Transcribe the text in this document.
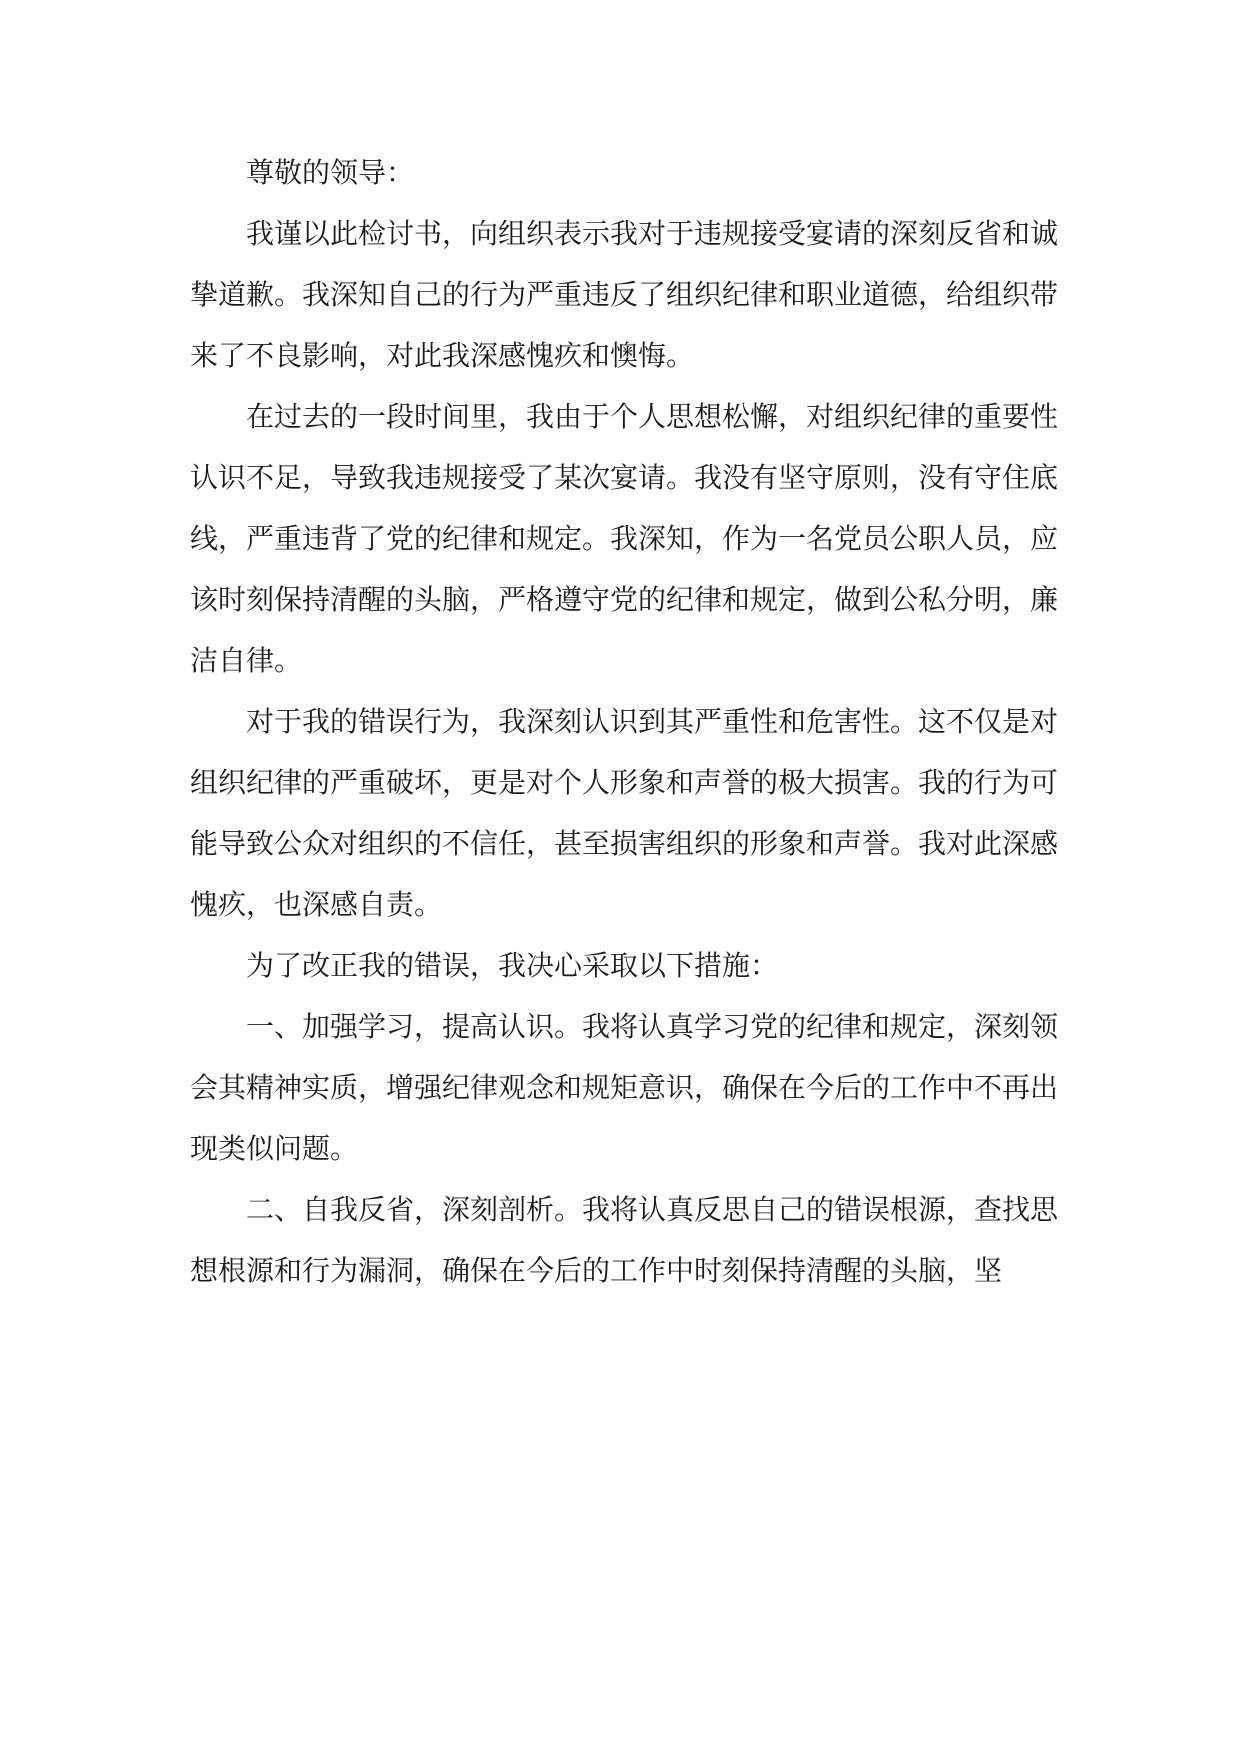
尊敬的领导：

我谨以此检讨书，向组织表示我对于违规接受宴请的深刻反省和诚挚道歉。我深知自己的行为严重违反了组织纪律和职业道德，给组织带来了不良影响，对此我深感愧疚和懊悔。

在过去的一段时间里，我由于个人思想松懈，对组织纪律的重要性认识不足，导致我违规接受了某次宴请。我没有坚守原则，没有守住底线，严重违背了党的纪律和规定。我深知，作为一名党员公职人员，应该时刻保持清醒的头脑，严格遵守党的纪律和规定，做到公私分明，廉洁自律。

对于我的错误行为，我深刻认识到其严重性和危害性。这不仅是对组织纪律的严重破坏，更是对个人形象和声誉的极大损害。我的行为可能导致公众对组织的不信任，甚至损害组织的形象和声誉。我对此深感愧疚，也深感自责。

为了改正我的错误，我决心采取以下措施：

一、加强学习，提高认识。我将认真学习党的纪律和规定，深刻领会其精神实质，增强纪律观念和规矩意识，确保在今后的工作中不再出现类似问题。

二、自我反省，深刻剖析。我将认真反思自己的错误根源，查找思想根源和行为漏洞，确保在今后的工作中时刻保持清醒的头脑，坚
